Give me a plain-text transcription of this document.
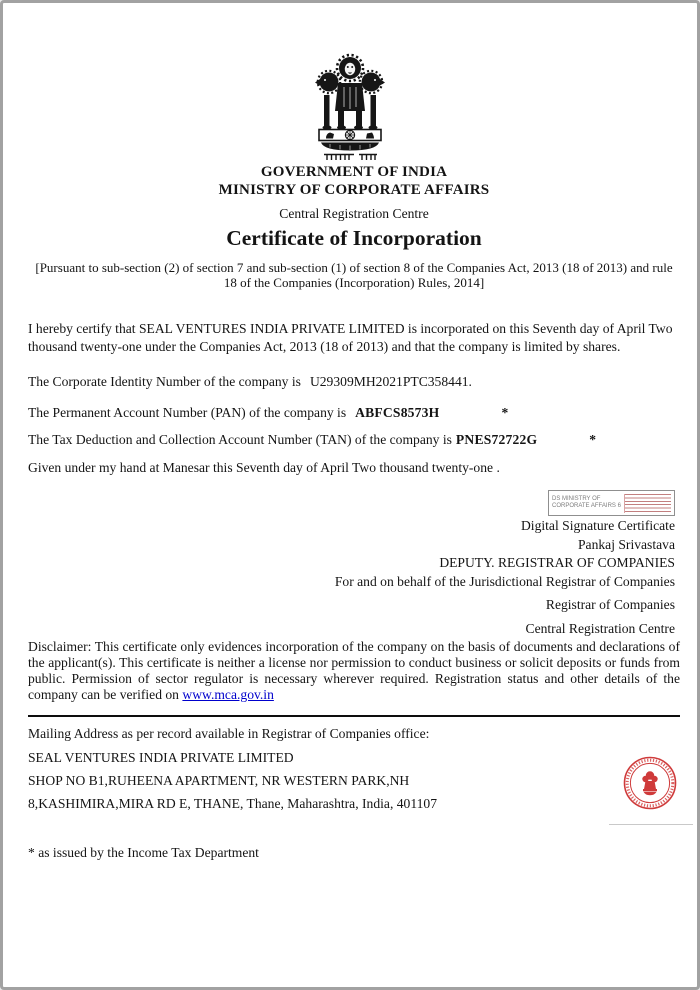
GOVERNMENT OF INDIA
MINISTRY OF CORPORATE AFFAIRS
Central Registration Centre
Certificate of Incorporation
[Pursuant to sub-section (2) of section 7 and sub-section (1) of section 8 of the Companies Act, 2013 (18 of 2013) and rule 18 of the Companies (Incorporation) Rules, 2014]

I hereby certify that SEAL VENTURES INDIA PRIVATE LIMITED is incorporated on this Seventh day of April Two thousand twenty-one under the Companies Act, 2013 (18 of 2013) and that the company is limited by shares.

The Corporate Identity Number of the company is U29309MH2021PTC358441.

The Permanent Account Number (PAN) of the company is ABFCS8573H	*

The Tax Deduction and Collection Account Number (TAN) of the company is PNES72722G	*

Given under my hand at Manesar this Seventh day of April Two thousand twenty-one .

DS MINISTRY OF
CORPORATE AFFAIRS 6
Digital Signature Certificate
Pankaj Srivastava
DEPUTY. REGISTRAR OF COMPANIES
For and on behalf of the Jurisdictional Registrar of Companies
Registrar of Companies
Central Registration Centre

Disclaimer: This certificate only evidences incorporation of the company on the basis of documents and declarations of the applicant(s). This certificate is neither a license nor permission to conduct business or solicit deposits or funds from public. Permission of sector regulator is necessary wherever required. Registration status and other details of the company can be verified on www.mca.gov.in

Mailing Address as per record available in Registrar of Companies office:

SEAL VENTURES INDIA PRIVATE LIMITED
SHOP NO B1,RUHEENA APARTMENT, NR WESTERN PARK,NH
8,KASHIMIRA,MIRA RD E, THANE, Thane, Maharashtra, India, 401107

* as issued by the Income Tax Department
